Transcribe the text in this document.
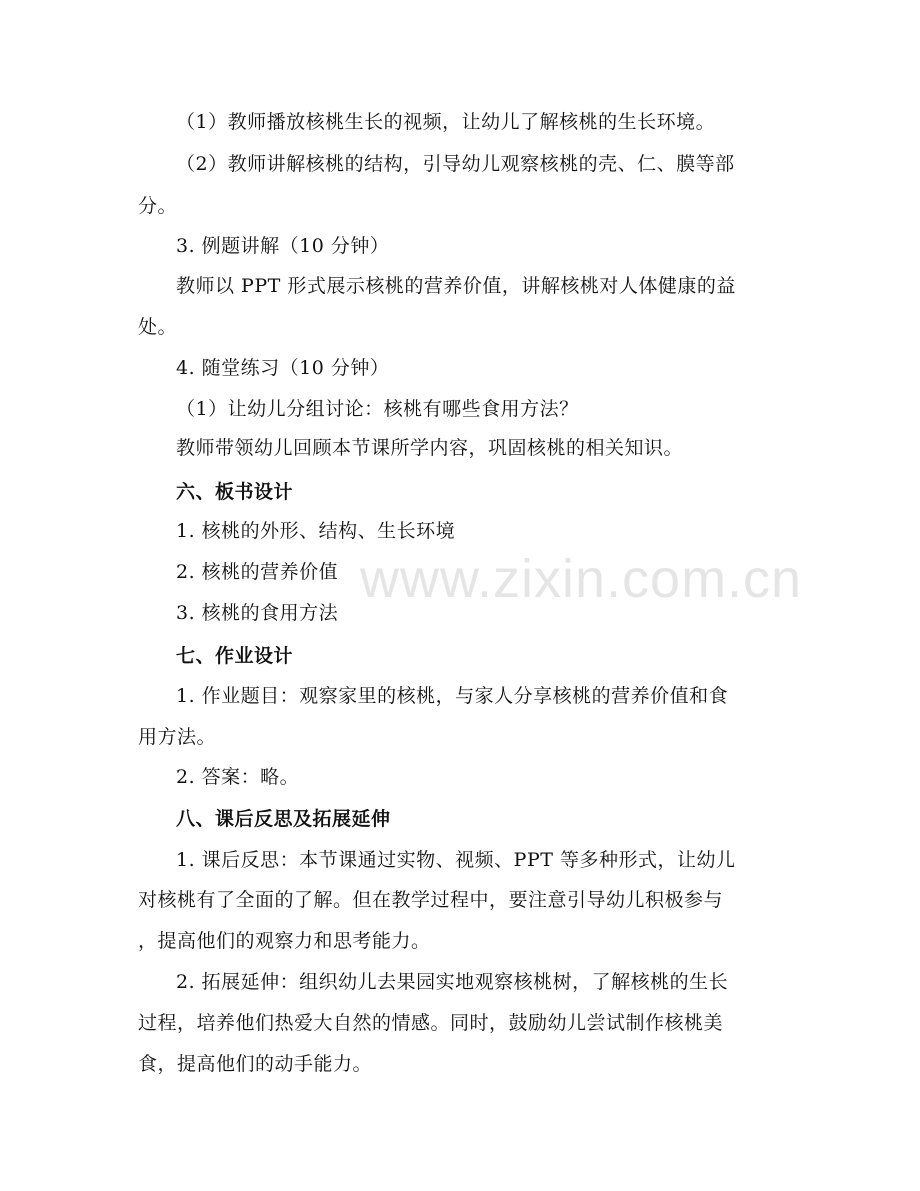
（1）教师播放核桃生长的视频，让幼儿了解核桃的生长环境。
（2）教师讲解核桃的结构，引导幼儿观察核桃的壳、仁、膜等部
分。
3. 例题讲解（10 分钟）
教师以 PPT 形式展示核桃的营养价值，讲解核桃对人体健康的益
处。
4. 随堂练习（10 分钟）
（1）让幼儿分组讨论：核桃有哪些食用方法？
教师带领幼儿回顾本节课所学内容，巩固核桃的相关知识。
六、板书设计
1. 核桃的外形、结构、生长环境
2. 核桃的营养价值
3. 核桃的食用方法
七、作业设计
1. 作业题目：观察家里的核桃，与家人分享核桃的营养价值和食
用方法。
2. 答案：略。
八、课后反思及拓展延伸
1. 课后反思：本节课通过实物、视频、PPT 等多种形式，让幼儿
对核桃有了全面的了解。但在教学过程中，要注意引导幼儿积极参与
，提高他们的观察力和思考能力。
2. 拓展延伸：组织幼儿去果园实地观察核桃树，了解核桃的生长
过程，培养他们热爱大自然的情感。同时，鼓励幼儿尝试制作核桃美
食，提高他们的动手能力。
www.zixin.com.cn
